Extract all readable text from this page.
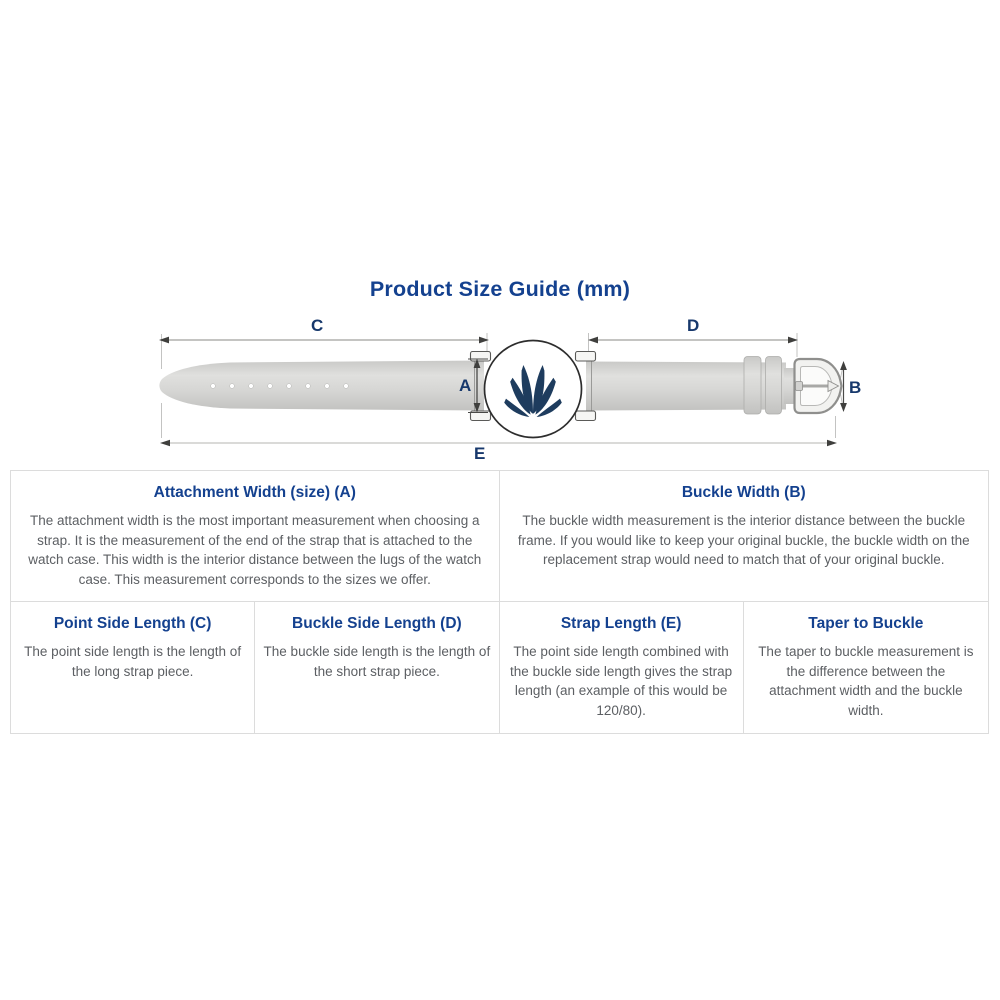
Product Size Guide (mm)
C	D
A	B
E
Attachment Width (size) (A)

The attachment width is the most important measurement when choosing a strap. It is the measurement of the end of the strap that is attached to the watch case. This width is the interior distance between the lugs of the watch case. This measurement corresponds to the sizes we offer.

Buckle Width (B)

The buckle width measurement is the interior distance between the buckle frame. If you would like to keep your original buckle, the buckle width on the replacement strap would need to match that of your original buckle.

Point Side Length (C)

The point side length is the length of the long strap piece.

Buckle Side Length (D)

The buckle side length is the length of the short strap piece.

Strap Length (E)

The point side length combined with the buckle side length gives the strap length (an example of this would be 120/80).

Taper to Buckle

The taper to buckle measurement is the difference between the attachment width and the buckle width.
